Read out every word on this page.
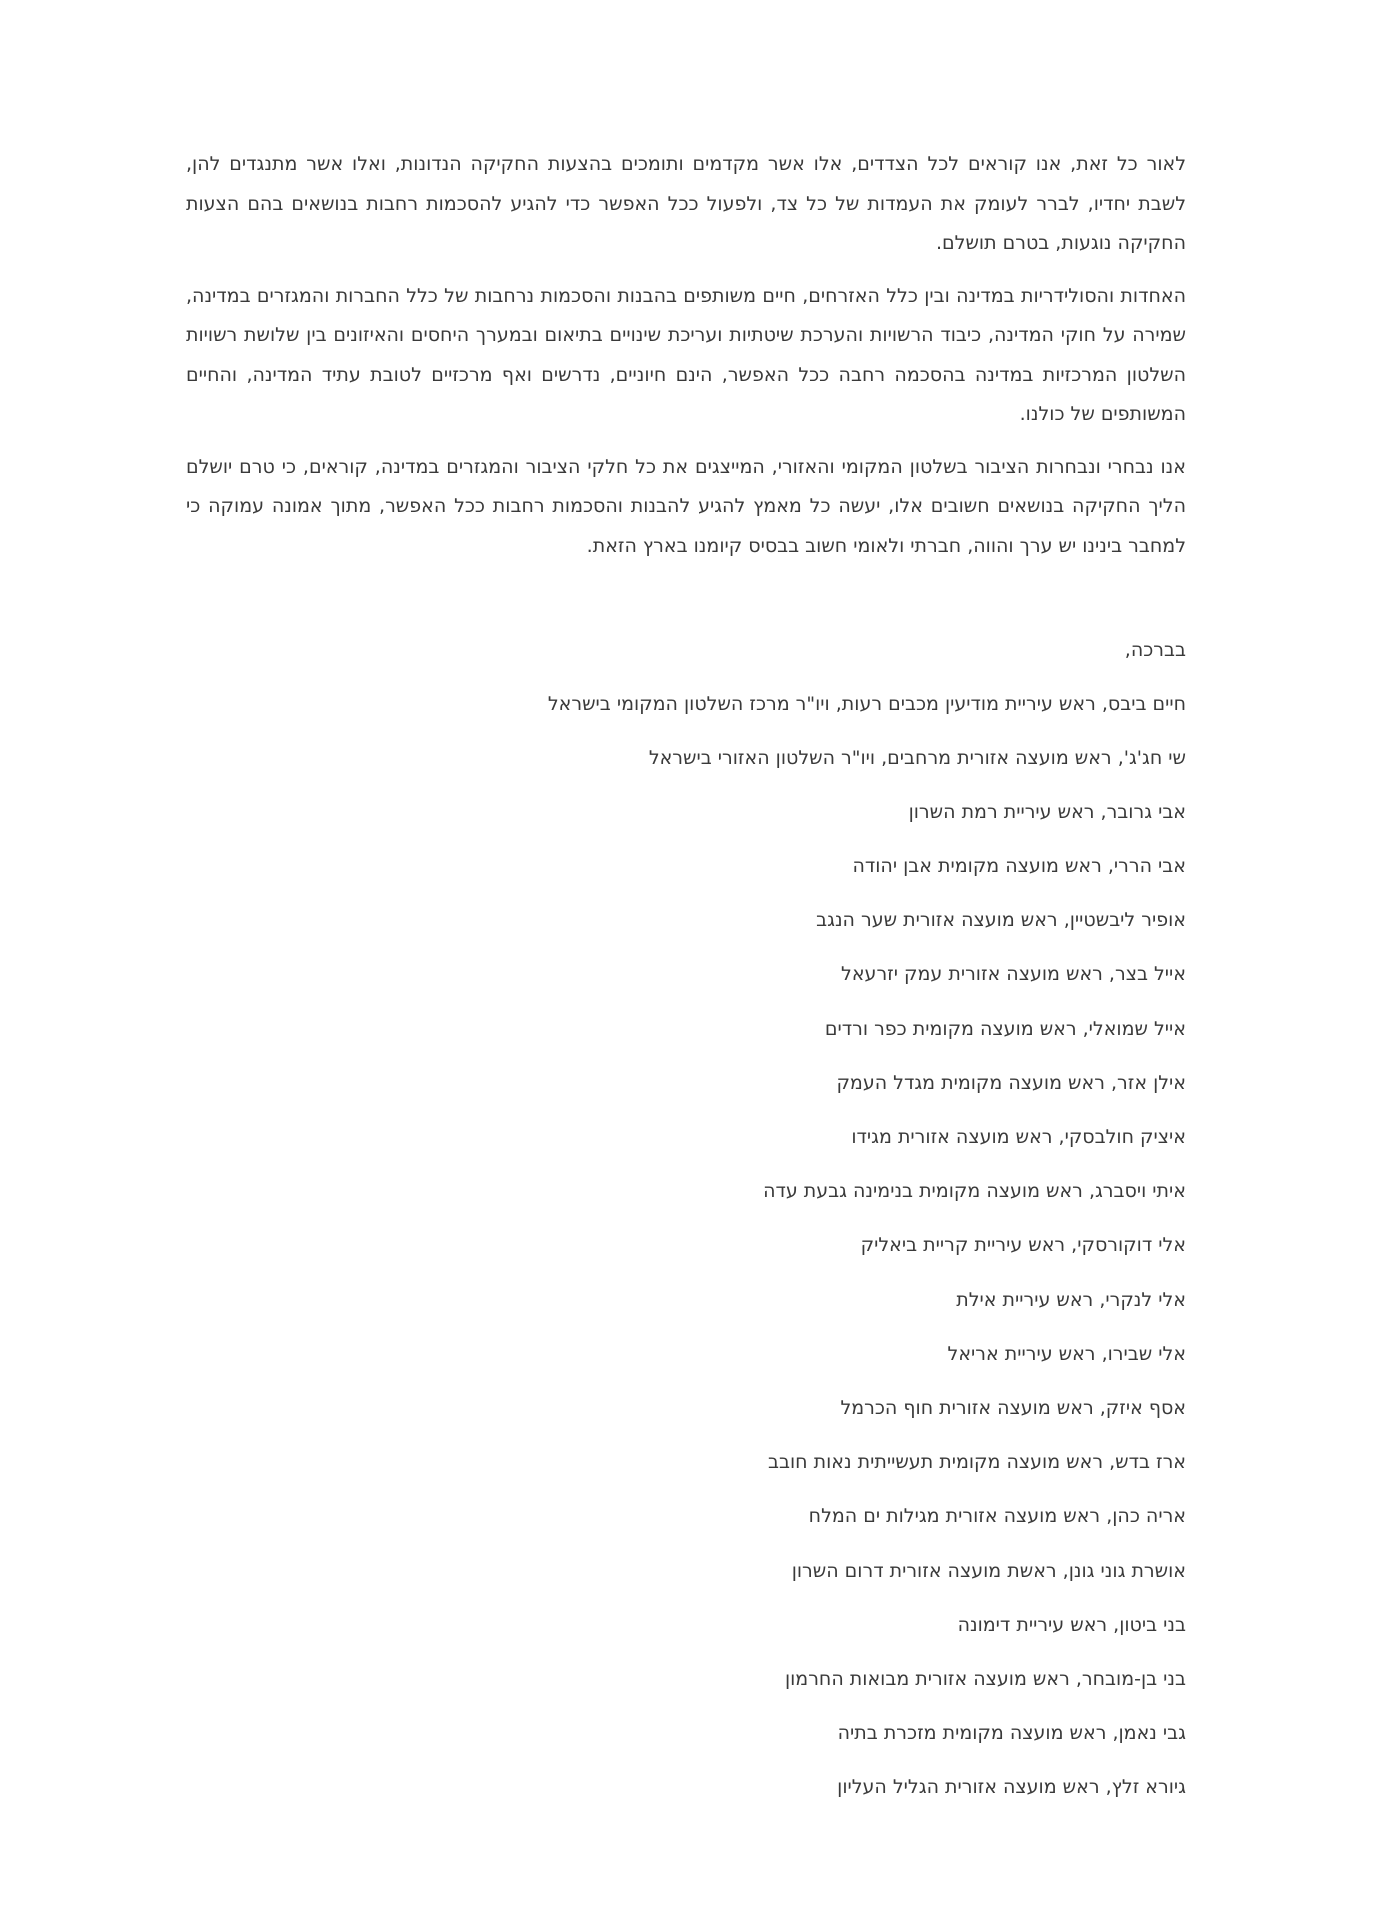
לאור כל זאת, אנו קוראים לכל הצדדים, אלו אשר מקדמים ותומכים בהצעות החקיקה הנדונות, ואלו אשר מתנגדים להן, לשבת יחדיו, לברר לעומק את העמדות של כל צד, ולפעול ככל האפשר כדי להגיע להסכמות רחבות בנושאים בהם הצעות החקיקה נוגעות, בטרם תושלם.

האחדות והסולידריות במדינה ובין כלל האזרחים, חיים משותפים בהבנות והסכמות נרחבות של כלל החברות והמגזרים במדינה, שמירה על חוקי המדינה, כיבוד הרשויות והערכת שיטתיות ועריכת שינויים בתיאום ובמערך היחסים והאיזונים בין שלושת רשויות השלטון המרכזיות במדינה בהסכמה רחבה ככל האפשר, הינם חיוניים, נדרשים ואף מרכזיים לטובת עתיד המדינה, והחיים המשותפים של כולנו.

אנו נבחרי ונבחרות הציבור בשלטון המקומי והאזורי, המייצגים את כל חלקי הציבור והמגזרים במדינה, קוראים, כי טרם יושלם הליך החקיקה בנושאים חשובים אלו, יעשה כל מאמץ להגיע להבנות והסכמות רחבות ככל האפשר, מתוך אמונה עמוקה כי למחבר בינינו יש ערך והווה, חברתי ולאומי חשוב בבסיס קיומנו בארץ הזאת.

בברכה,
חיים ביבס, ראש עיריית מודיעין מכבים רעות, ויו"ר מרכז השלטון המקומי בישראל
שי חג'ג', ראש מועצה אזורית מרחבים, ויו"ר השלטון האזורי בישראל
אבי גרובר, ראש עיריית רמת השרון
אבי הררי, ראש מועצה מקומית אבן יהודה
אופיר ליבשטיין, ראש מועצה אזורית שער הנגב
אייל בצר, ראש מועצה אזורית עמק יזרעאל
אייל שמואלי, ראש מועצה מקומית כפר ורדים
אילן אזר, ראש מועצה מקומית מגדל העמק
איציק חולבסקי, ראש מועצה אזורית מגידו
איתי ויסברג, ראש מועצה מקומית בנימינה גבעת עדה
אלי דוקורסקי, ראש עיריית קריית ביאליק
אלי לנקרי, ראש עיריית אילת
אלי שבירו, ראש עיריית אריאל
אסף איזק, ראש מועצה אזורית חוף הכרמל
ארז בדש, ראש מועצה מקומית תעשייתית נאות חובב
אריה כהן, ראש מועצה אזורית מגילות ים המלח
אושרת גוני גונן, ראשת מועצה אזורית דרום השרון
בני ביטון, ראש עיריית דימונה
בני בן-מובחר, ראש מועצה אזורית מבואות החרמון
גבי נאמן, ראש מועצה מקומית מזכרת בתיה
גיורא זלץ, ראש מועצה אזורית הגליל העליון
